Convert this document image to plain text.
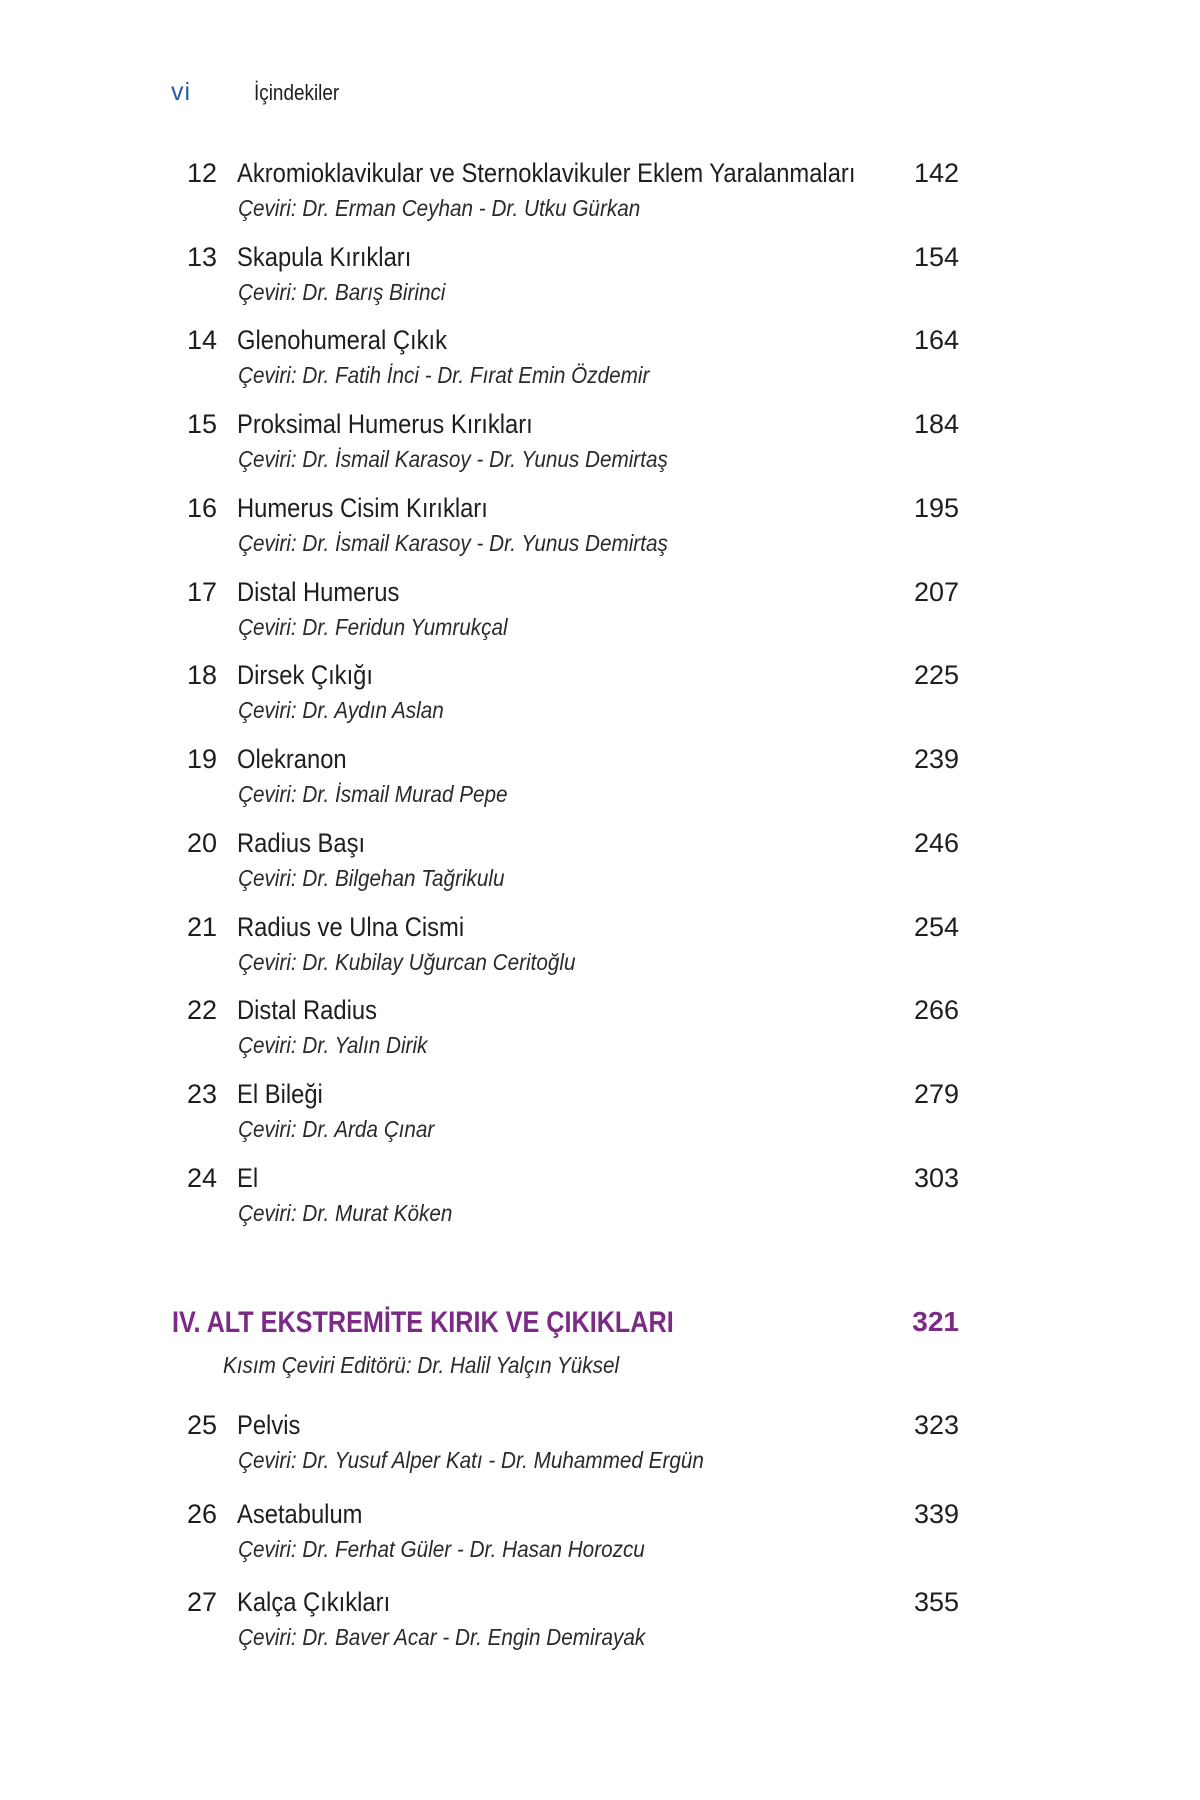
vi	İçindekiler
12 Akromioklavikular ve Sternoklavikuler Eklem Yaralanmaları 142
Çeviri: Dr. Erman Ceyhan - Dr. Utku Gürkan
13 Skapula Kırıkları	154
Çeviri: Dr. Barış Birinci
14 Glenohumeral Çıkık	164
Çeviri: Dr. Fatih İnci - Dr. Fırat Emin Özdemir
15 Proksimal Humerus Kırıkları	184
Çeviri: Dr. İsmail Karasoy - Dr. Yunus Demirtaş
16 Humerus Cisim Kırıkları	195
Çeviri: Dr. İsmail Karasoy - Dr. Yunus Demirtaş
17 Distal Humerus	207
Çeviri: Dr. Feridun Yumrukçal
18 Dirsek Çıkığı	225
Çeviri: Dr. Aydın Aslan
19 Olekranon	239
Çeviri: Dr. İsmail Murad Pepe
20 Radius Başı	246
Çeviri: Dr. Bilgehan Tağrikulu
21 Radius ve Ulna Cismi	254
Çeviri: Dr. Kubilay Uğurcan Ceritoğlu
22 Distal Radius	266
Çeviri: Dr. Yalın Dirik
23 El Bileği	279
Çeviri: Dr. Arda Çınar
24 El	303
Çeviri: Dr. Murat Köken
IV. ALT EKSTREMİTE KIRIK VE ÇIKIKLARI	321
Kısım Çeviri Editörü: Dr. Halil Yalçın Yüksel
25 Pelvis	323
Çeviri: Dr. Yusuf Alper Katı - Dr. Muhammed Ergün
26 Asetabulum	339
Çeviri: Dr. Ferhat Güler - Dr. Hasan Horozcu
27 Kalça Çıkıkları	355
Çeviri: Dr. Baver Acar - Dr. Engin Demirayak
